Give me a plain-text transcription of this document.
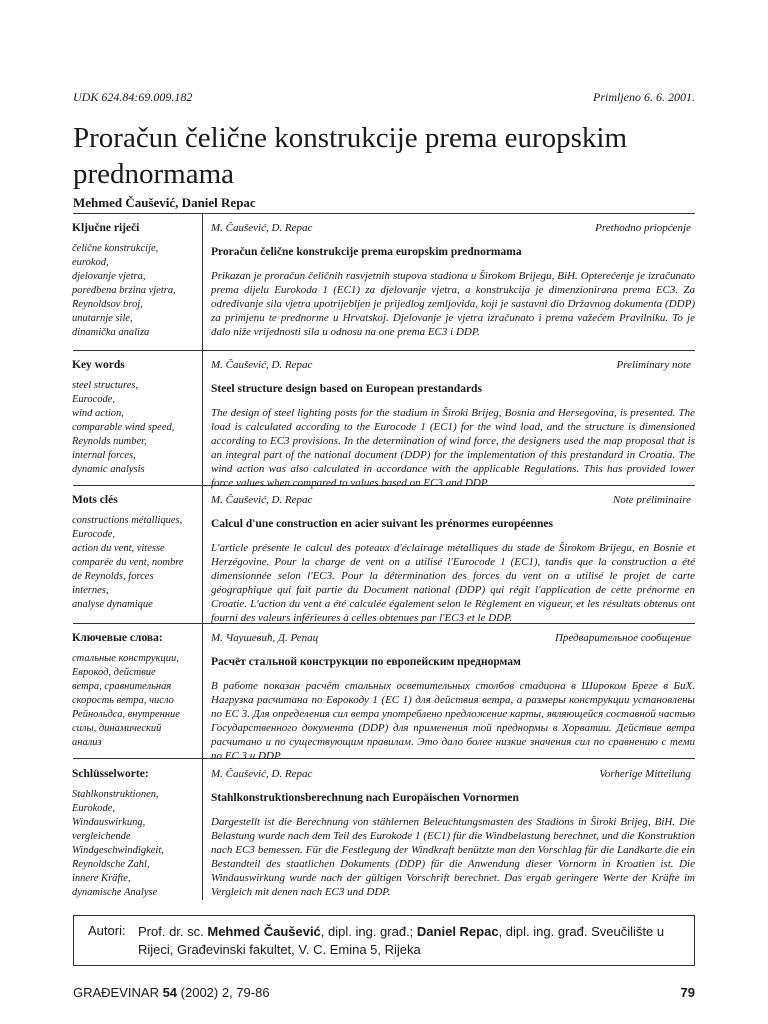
UDK 624.84:69.009.182	Primljeno 6. 6. 2001.
Proračun čelične konstrukcije prema europskim prednormama
Mehmed Čaušević, Daniel Repac
Ključne riječi
čelične konstrukcije,
eurokod,
djelovanje vjetra,
poredbena brzina vjetra,
Reynoldsov broj,
unutarnje sile,
dinamička analiza
M. Čaušević, D. Repac	Prethodno priopćenje
Proračun čelične konstrukcije prema europskim prednormama
Prikazan je proračun čeličnih rasvjetnih stupova stadiona u Širokom Brijegu, BiH. Opterećenje je izračunato prema dijelu Eurokoda 1 (EC1) za djelovanje vjetra, a konstrukcija je dimenzionirana prema EC3. Za određivanje sila vjetra upotrijebljen je prijedlog zemljovida, koji je sastavni dio Državnog dokumenta (DDP) za primjenu te prednorme u Hrvatskoj. Djelovanje je vjetra izračunato i prema važećem Pravilniku. To je dalo niže vrijednosti sila u odnosu na one prema EC3 i DDP.
Key words
steel structures,
Eurocode,
wind action,
comparable wind speed,
Reynolds number,
internal forces,
dynamic analysis
M. Čaušević, D. Repac	Preliminary note
Steel structure design based on European prestandards
The design of steel lighting posts for the stadium in Široki Brijeg, Bosnia and Hersegovina, is presented. The load is calculated according to the Eurocode 1 (EC1) for the wind load, and the structure is dimensioned according to EC3 provisions. In the determination of wind force, the designers used the map proposal that is an integral part of the national document (DDP) for the implementation of this prestandard in Croatia. The wind action was also calculated in accordance with the applicable Regulations. This has provided lower force values when compared to values based on EC3 and DDP.
Mots clés
constructions métalliques,
Eurocode,
action du vent, vitesse
comparée du vent, nombre
de Reynolds, forces
internes,
analyse dynamique
M. Čaušević, D. Repac	Note préliminaire
Calcul d'une construction en acier suivant les prénormes européennes
L'article présente le calcul des poteaux d'éclairage métalliques du stade de Širokom Brijegu, en Bosnie et Herzégovine. Pour la charge de vent on a utilisé l'Eurocode 1 (EC1), tandis que la construction a été dimensionnée selon l'EC3. Pour la détermination des forces du vent on a utilisé le projet de carte géographique qui fait partie du Document national (DDP) qui régit l'application de cette prénorme en Croatie. L'action du vent a été calculée également selon le Règlement en vigueur, et les résultats obtenus ont fourni des valeurs inférieures à celles obtenues par l'EC3 et le DDP.
Ключевые слова:
стальные конструкции,
Еврокод, действие
ветра, сравнительная
скорость ветра, число
Рейнольдса, внутренние
силы, динамический
анализ
М. Чаушевић, Д. Репац	Предварительное сообщение
Расчёт стальной конструкции по европейским преднормам
В работе показан расчёт стальных осветительных столбов стадиона в Широком Бреге в БиХ. Нагрузка расчитана по Еврокоду 1 (EC 1) для действия ветра, а размеры конструкции установлены по EC 3. Для определения сил ветра употреблено предложение карты, являющейся составной частью Государственного документа (DDP) для применения той преднормы в Хорватии. Действие ветра расчитано и по существующим правилам. Это дало более низкие значения сил по сравнению с теми по EC 3 и DDP.
Schlüsselworte:
Stahlkonstruktionen,
Eurokode,
Windauswirkung,
vergleichende
Windgeschwindigkeit,
Reynoldsche Zahl,
innere Kräfte,
dynamische Analyse
M. Čaušević, D. Repac	Vorherige Mitteilung
Stahlkonstruktionsberechnung nach Europäischen Vornormen
Dargestellt ist die Berechnung von stählernen Beleuchtungsmasten des Stadions in Široki Brijeg, BiH. Die Belastung wurde nach dem Teil des Eurokode 1 (EC1) für die Windbelastung berechnet, und die Konstruktion nach EC3 bemessen. Für die Festlegung der Windkraft benützte man den Vorschlag für die Landkarte die ein Bestandteil des staatlichen Dokuments (DDP) für die Anwendung dieser Vornorm in Kroatien ist. Die Windauswirkung wurde nach der gültigen Vorschrift berechnet. Das ergab geringere Werte der Kräfte im Vergleich mit denen nach EC3 und DDP.
Autori: Prof. dr. sc. Mehmed Čaušević, dipl. ing. građ.; Daniel Repac, dipl. ing. građ. Sveučilište u Rijeci, Građevinski fakultet, V. C. Emina 5, Rijeka
GRAĐEVINAR 54 (2002) 2, 79-86	79
